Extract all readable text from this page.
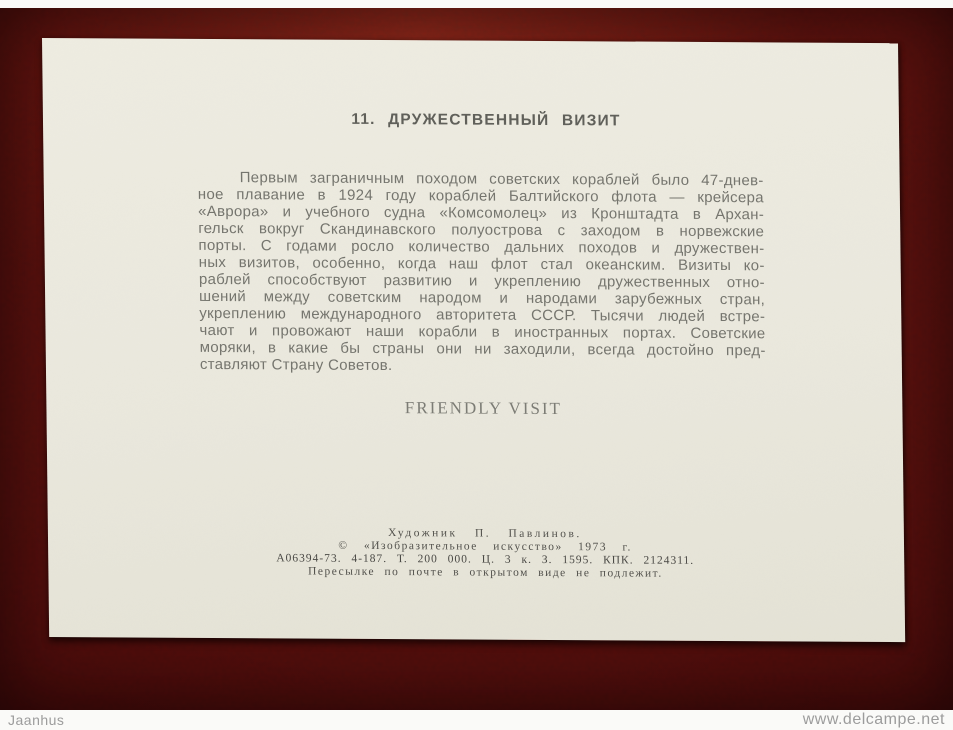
11. ДРУЖЕСТВЕННЫЙ ВИЗИТ
Первым заграничным походом советских кораблей было 47-днев-
ное плавание в 1924 году кораблей Балтийского флота — крейсера
«Аврора» и учебного судна «Комсомолец» из Кронштадта в Архан-
гельск вокруг Скандинавского полуострова с заходом в норвежские
порты. С годами росло количество дальних походов и дружествен-
ных визитов, особенно, когда наш флот стал океанским. Визиты ко-
раблей способствуют развитию и укреплению дружественных отно-
шений между советским народом и народами зарубежных стран,
укреплению международного авторитета СССР. Тысячи людей встре-
чают и провожают наши корабли в иностранных портах. Советские
моряки, в какие бы страны они ни заходили, всегда достойно пред-
ставляют Страну Советов.
FRIENDLY VISIT
Художник П. Павлинов.
© «Изобразительное искусство» 1973 г.
А06394-73. 4-187. Т. 200 000. Ц. 3 к. З. 1595. КПК. 2124311.
Пересылке по почте в открытом виде не подлежит.
Jaanhus	www.delcampe.net
